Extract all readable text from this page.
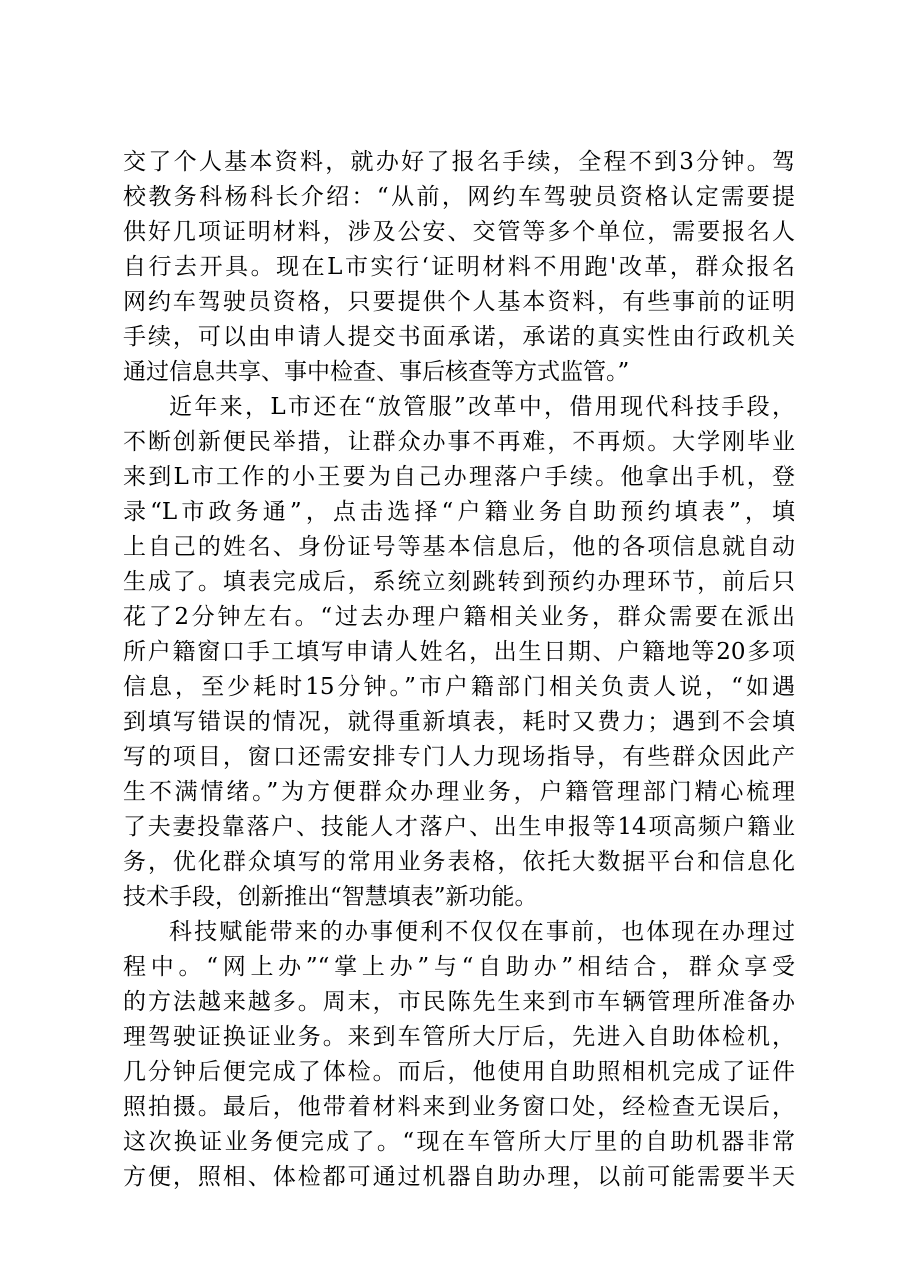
交了个人基本资料，就办好了报名手续，全程不到3分钟。驾
校教务科杨科长介绍：“从前，网约车驾驶员资格认定需要提
供好几项证明材料，涉及公安、交管等多个单位，需要报名人
自行去开具。现在L市实行‘证明材料不用跑'改革，群众报名
网约车驾驶员资格，只要提供个人基本资料，有些事前的证明
手续，可以由申请人提交书面承诺，承诺的真实性由行政机关
通过信息共享、事中检查、事后核查等方式监管。”
近年来，L市还在“放管服”改革中，借用现代科技手段，
不断创新便民举措，让群众办事不再难，不再烦。大学刚毕业
来到L市工作的小王要为自己办理落户手续。他拿出手机，登
录“L市政务通”，点击选择“户籍业务自助预约填表”，填
上自己的姓名、身份证号等基本信息后，他的各项信息就自动
生成了。填表完成后，系统立刻跳转到预约办理环节，前后只
花了2分钟左右。“过去办理户籍相关业务，群众需要在派出
所户籍窗口手工填写申请人姓名，出生日期、户籍地等20多项
信息，至少耗时15分钟。”市户籍部门相关负责人说，“如遇
到填写错误的情况，就得重新填表，耗时又费力；遇到不会填
写的项目，窗口还需安排专门人力现场指导，有些群众因此产
生不满情绪。”为方便群众办理业务，户籍管理部门精心梳理
了夫妻投靠落户、技能人才落户、出生申报等14项高频户籍业
务，优化群众填写的常用业务表格，依托大数据平台和信息化
技术手段，创新推出“智慧填表”新功能。
科技赋能带来的办事便利不仅仅在事前，也体现在办理过
程中。“网上办”“掌上办”与“自助办”相结合，群众享受
的方法越来越多。周末，市民陈先生来到市车辆管理所准备办
理驾驶证换证业务。来到车管所大厅后，先进入自助体检机，
几分钟后便完成了体检。而后，他使用自助照相机完成了证件
照拍摄。最后，他带着材料来到业务窗口处，经检查无误后，
这次换证业务便完成了。“现在车管所大厅里的自助机器非常
方便，照相、体检都可通过机器自助办理，以前可能需要半天
